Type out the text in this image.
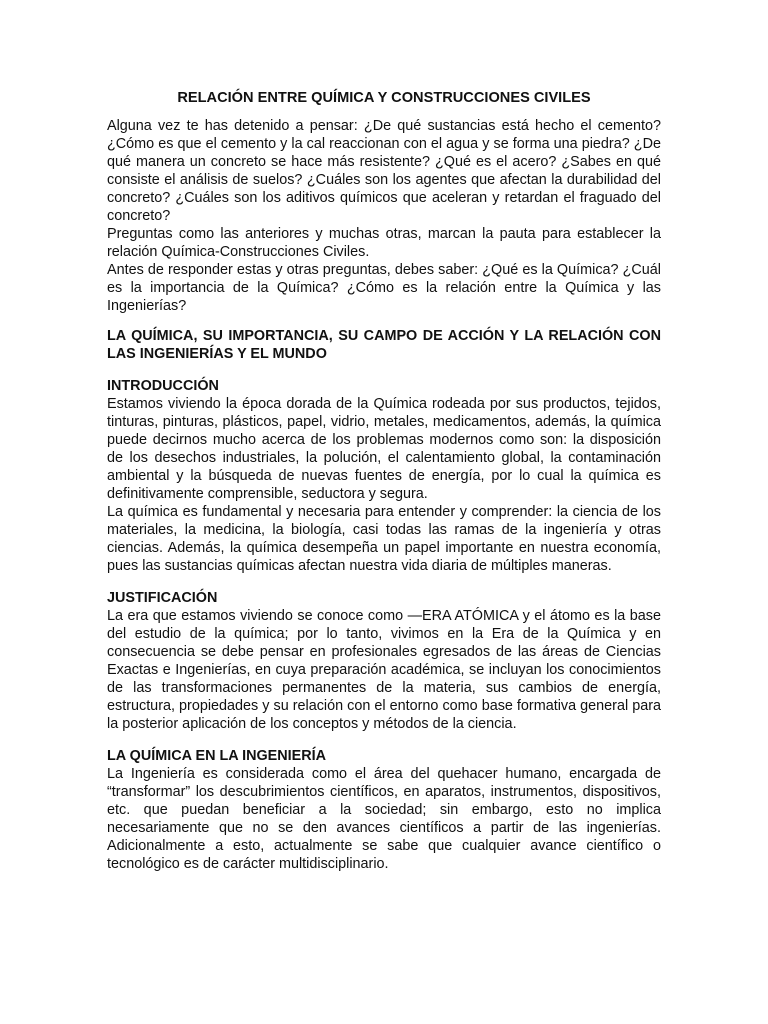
RELACIÓN ENTRE QUÍMICA Y CONSTRUCCIONES CIVILES

Alguna vez te has detenido a pensar: ¿De qué sustancias está hecho el cemento? ¿Cómo es que el cemento y la cal reaccionan con el agua y se forma una piedra? ¿De qué manera un concreto se hace más resistente? ¿Qué es el acero? ¿Sabes en qué consiste el análisis de suelos? ¿Cuáles son los agentes que afectan la durabilidad del concreto? ¿Cuáles son los aditivos químicos que aceleran y retardan el fraguado del concreto?

Preguntas como las anteriores y muchas otras, marcan la pauta para establecer la relación Química-Construcciones Civiles.

Antes de responder estas y otras preguntas, debes saber: ¿Qué es la Química? ¿Cuál es la importancia de la Química? ¿Cómo es la relación entre la Química y las Ingenierías?

LA QUÍMICA, SU IMPORTANCIA, SU CAMPO DE ACCIÓN Y LA RELACIÓN CON LAS INGENIERÍAS Y EL MUNDO
INTRODUCCIÓN

Estamos viviendo la época dorada de la Química rodeada por sus productos, tejidos, tinturas, pinturas, plásticos, papel, vidrio, metales, medicamentos, además, la química puede decirnos mucho acerca de los problemas modernos como son: la disposición de los desechos industriales, la polución, el calentamiento global, la contaminación ambiental y la búsqueda de nuevas fuentes de energía, por lo cual la química es definitivamente comprensible, seductora y segura.

La química es fundamental y necesaria para entender y comprender: la ciencia de los materiales, la medicina, la biología, casi todas las ramas de la ingeniería y otras ciencias. Además, la química desempeña un papel importante en nuestra economía, pues las sustancias químicas afectan nuestra vida diaria de múltiples maneras.

JUSTIFICACIÓN

La era que estamos viviendo se conoce como ―ERA ATÓMICA y el átomo es la base del estudio de la química; por lo tanto, vivimos en la Era de la Química y en consecuencia se debe pensar en profesionales egresados de las áreas de Ciencias Exactas e Ingenierías, en cuya preparación académica, se incluyan los conocimientos de las transformaciones permanentes de la materia, sus cambios de energía, estructura, propiedades y su relación con el entorno como base formativa general para la posterior aplicación de los conceptos y métodos de la ciencia.

LA QUÍMICA EN LA INGENIERÍA

La Ingeniería es considerada como el área del quehacer humano, encargada de “transformar” los descubrimientos científicos, en aparatos, instrumentos, dispositivos, etc. que puedan beneficiar a la sociedad; sin embargo, esto no implica necesariamente que no se den avances científicos a partir de las ingenierías. Adicionalmente a esto, actualmente se sabe que cualquier avance científico o tecnológico es de carácter multidisciplinario.
